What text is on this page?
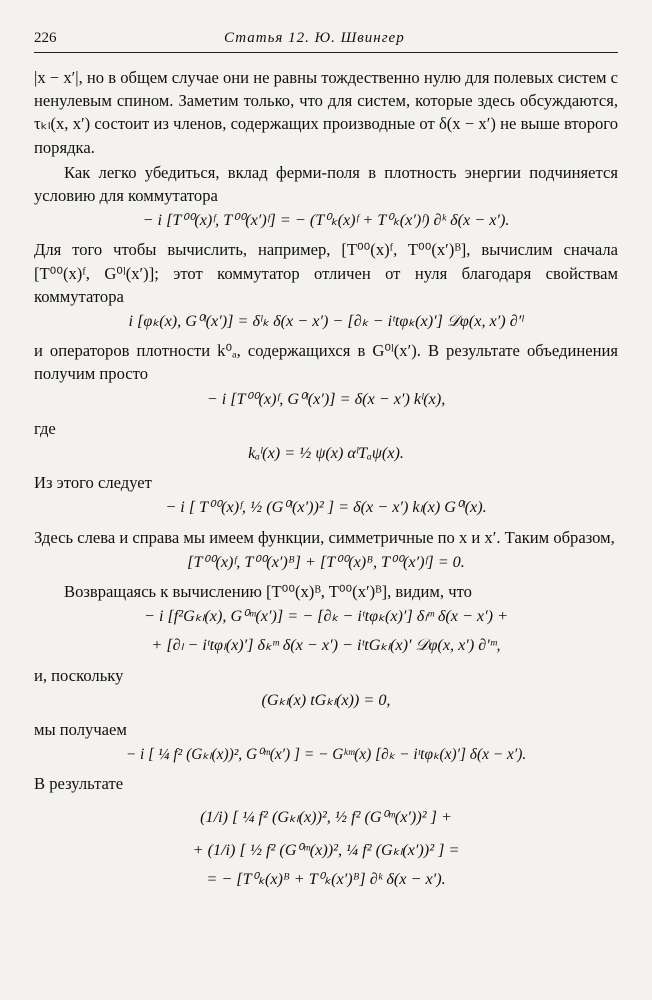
226	Статья 12. Ю. Швингер

|x − x′|, но в общем случае они не равны тождественно нулю для полевых систем с ненулевым спином. Заметим только, что для систем, которые здесь обсуждаются, τₖₗ(x, x′) состоит из членов, содержащих производные от δ(x − x′) не выше второго порядка.

Как легко убедиться, вклад ферми-поля в плотность энергии подчиняется условию для коммутатора

− i [T⁰⁰(x)ᶠ, T⁰⁰(x′)ᶠ] = − (T⁰ₖ(x)ᶠ + T⁰ₖ(x′)ᶠ) ∂ᵏ δ(x − x′).

Для того чтобы вычислить, например, [T⁰⁰(x)ᶠ, T⁰⁰(x′)ᴮ], вычислим сначала [T⁰⁰(x)ᶠ, G⁰ˡ(x′)]; этот коммутатор отличен от нуля благодаря свойствам коммутатора

i [φₖ(x), G⁰ˡ(x′)] = δˡₖ δ(x − x′) − [∂ₖ − iᵗtφₖ(x)′] 𝒟φ(x, x′) ∂′ˡ

и операторов плотности k⁰ₐ, содержащихся в G⁰ˡ(x′). В результате объединения получим просто

− i [T⁰⁰(x)ᶠ, G⁰ˡ(x′)] = δ(x − x′) kˡ(x),

где

kₐˡ(x) = ½ ψ(x) αˡTₐψ(x).

Из этого следует

− i [ T⁰⁰(x)ᶠ, ½ (G⁰ˡ(x′))² ] = δ(x − x′) kₗ(x) G⁰ˡ(x).

Здесь слева и справа мы имеем функции, симметричные по x и x′. Таким образом,

[T⁰⁰(x)ᶠ, T⁰⁰(x′)ᴮ] + [T⁰⁰(x)ᴮ, T⁰⁰(x′)ᶠ] = 0.

Возвращаясь к вычислению [T⁰⁰(x)ᴮ, T⁰⁰(x′)ᴮ], видим, что

− i [f²Gₖₗ(x), G⁰ᵐ(x′)] = − [∂ₖ − iᵗtφₖ(x)′] δₗᵐ δ(x − x′) +
+ [∂ₗ − iᵗtφₗ(x)′] δₖᵐ δ(x − x′) − iᵗtGₖₗ(x)′ 𝒟φ(x, x′) ∂′ᵐ,

и, поскольку

(Gₖₗ(x) tGₖₗ(x)) = 0,

мы получаем

− i [ ¼ f² (Gₖₗ(x))², G⁰ᵐ(x′) ] = − Gᵏᵐ(x) [∂ₖ − iᵗtφₖ(x)′] δ(x − x′).

В результате

(1/i) [ ¼ f² (Gₖₗ(x))², ½ f² (G⁰ᵐ(x′))² ] +
+ (1/i) [ ½ f² (G⁰ᵐ(x))², ¼ f² (Gₖₗ(x′))² ] =
= − [T⁰ₖ(x)ᴮ + T⁰ₖ(x′)ᴮ] ∂ᵏ δ(x − x′).
